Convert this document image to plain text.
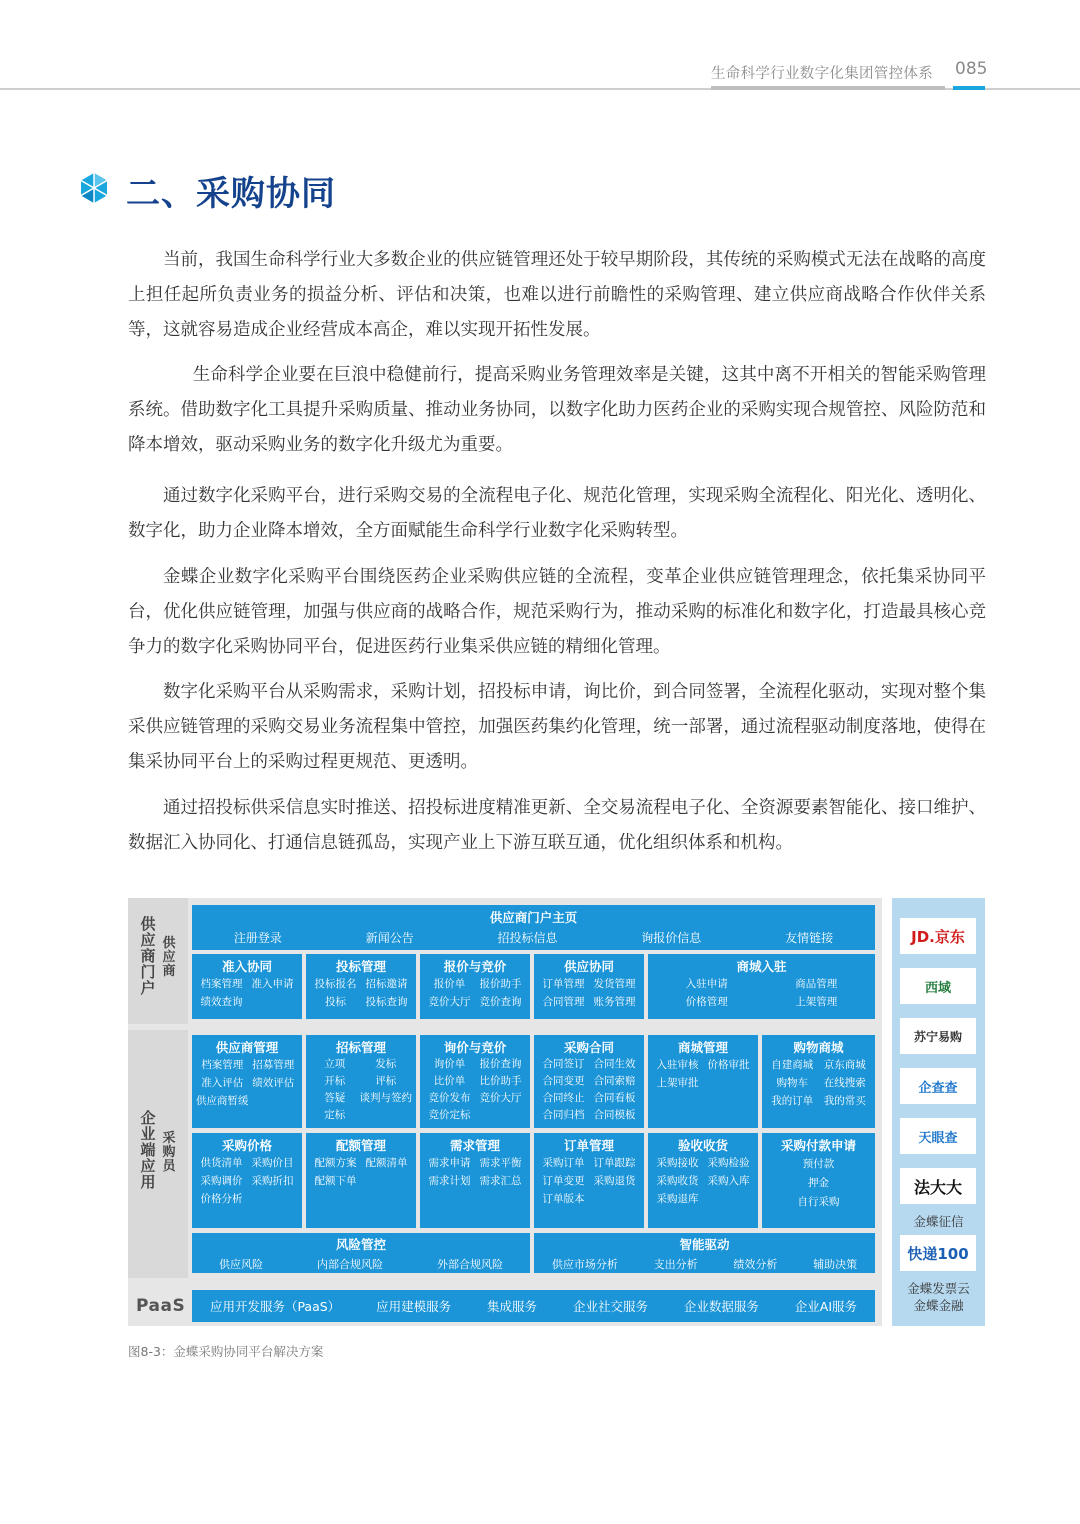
生命科学行业数字化集团管控体系 085
二、采购协同

当前，我国生命科学行业大多数企业的供应链管理还处于较早期阶段，其传统的采购模式无法在战略的高度上担任起所负责业务的损益分析、评估和决策，也难以进行前瞻性的采购管理、建立供应商战略合作伙伴关系等，这就容易造成企业经营成本高企，难以实现开拓性发展。

生命科学企业要在巨浪中稳健前行，提高采购业务管理效率是关键，这其中离不开相关的智能采购管理系统。借助数字化工具提升采购质量、推动业务协同，以数字化助力医药企业的采购实现合规管控、风险防范和降本增效，驱动采购业务的数字化升级尤为重要。

通过数字化采购平台，进行采购交易的全流程电子化、规范化管理，实现采购全流程化、阳光化、透明化、数字化，助力企业降本增效，全方面赋能生命科学行业数字化采购转型。

金蝶企业数字化采购平台围绕医药企业采购供应链的全流程，变革企业供应链管理理念，依托集采协同平台，优化供应链管理，加强与供应商的战略合作，规范采购行为，推动采购的标准化和数字化，打造最具核心竞争力的数字化采购协同平台，促进医药行业集采供应链的精细化管理。

数字化采购平台从采购需求，采购计划，招投标申请，询比价，到合同签署，全流程化驱动，实现对整个集采供应链管理的采购交易业务流程集中管控，加强医药集约化管理，统一部署，通过流程驱动制度落地，使得在集采协同平台上的采购过程更规范、更透明。

通过招投标供采信息实时推送、招投标进度精准更新、全交易流程电子化、全资源要素智能化、接口维护、数据汇入协同化、打通信息链孤岛，实现产业上下游互联互通，优化组织体系和机构。

供
应
商
门
户
供
应
商
企
业
端
应
用
采
购
员
供应商门户主页
注册登录	新闻公告	招投标信息	询报价信息	友情链接
准入协同
档案管理 准入申请
绩效查询
投标管理
投标报名 招标邀请
投标	投标查询
报价与竞价
报价单	报价助手
竞价大厅 竞价查询
供应协同
订单管理 发货管理
合同管理 账务管理
商城入驻
入驻申请	商品管理
价格管理	上架管理
供应商管理
档案管理 招募管理
准入评估 绩效评估
供应商暂缓
招标管理
立项	发标
开标	评标
答疑	谈判与签约
定标
询价与竞价
询价单	报价查询
比价单	比价助手
竞价发布 竞价大厅
竞价定标
采购合同
合同签订 合同生效
合同变更 合同索赔
合同终止 合同看板
合同归档 合同模板
商城管理
入驻审核 价格审批
上架审批
购物商城
自建商城	京东商城
购物车	在线搜索
我的订单	我的常买
采购价格
供货清单 采购价目
采购调价 采购折扣
价格分析
配额管理
配额方案 配额清单
配额下单
需求管理
需求申请 需求平衡
需求计划 需求汇总
订单管理
采购订单 订单跟踪
订单变更 采购退货
订单版本
验收收货
采购接收 采购检验
采购收货 采购入库
采购退库
采购付款申请
预付款
押金
自行采购
风险管控
供应风险	内部合规风险	外部合规风险
智能驱动
供应市场分析	支出分析	绩效分析	辅助决策
PaaS 应用开发服务（PaaS）	应用建模服务	集成服务	企业社交服务	企业数据服务	企业AI服务
JD.京东
西域
苏宁易购
企查查
天眼查
法大大
金蝶征信
快递100
金蝶发票云
金蝶金融
图8-3：金蝶采购协同平台解决方案
